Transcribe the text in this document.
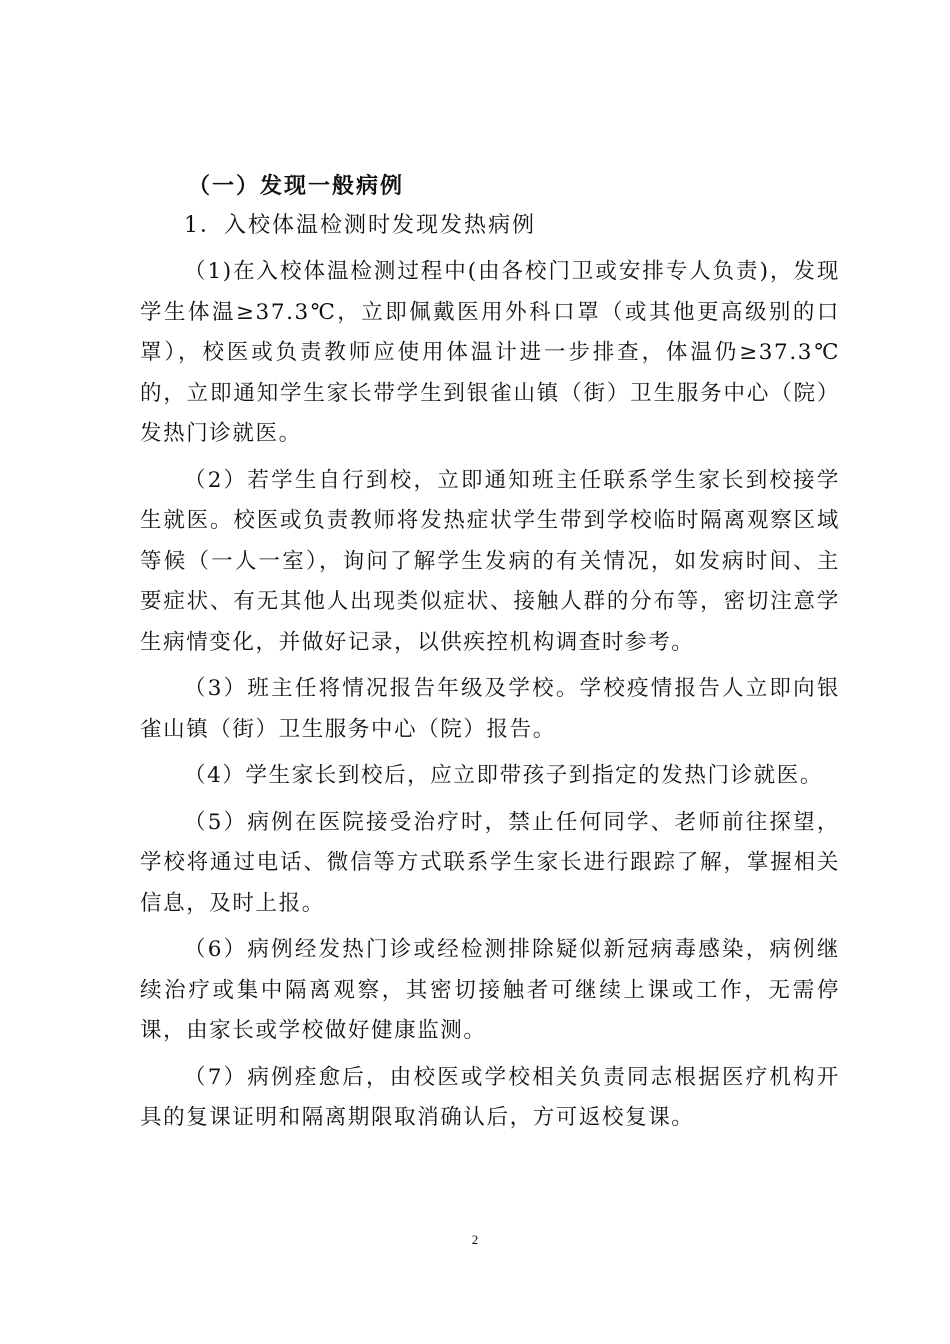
（一）发现一般病例
1．入校体温检测时发现发热病例

（1)在入校体温检测过程中(由各校门卫或安排专人负责)，发现学生体温≥37.3℃，立即佩戴医用外科口罩（或其他更高级别的口罩），校医或负责教师应使用体温计进一步排查，体温仍≥37.3℃的，立即通知学生家长带学生到银雀山镇（街）卫生服务中心（院）发热门诊就医。

（2）若学生自行到校，立即通知班主任联系学生家长到校接学生就医。校医或负责教师将发热症状学生带到学校临时隔离观察区域等候（一人一室），询问了解学生发病的有关情况，如发病时间、主要症状、有无其他人出现类似症状、接触人群的分布等，密切注意学生病情变化，并做好记录，以供疾控机构调查时参考。

（3）班主任将情况报告年级及学校。学校疫情报告人立即向银雀山镇（街）卫生服务中心（院）报告。

（4）学生家长到校后，应立即带孩子到指定的发热门诊就医。

（5）病例在医院接受治疗时，禁止任何同学、老师前往探望，学校将通过电话、微信等方式联系学生家长进行跟踪了解，掌握相关信息，及时上报。

（6）病例经发热门诊或经检测排除疑似新冠病毒感染，病例继续治疗或集中隔离观察，其密切接触者可继续上课或工作，无需停课，由家长或学校做好健康监测。

（7）病例痊愈后，由校医或学校相关负责同志根据医疗机构开具的复课证明和隔离期限取消确认后，方可返校复课。

2
